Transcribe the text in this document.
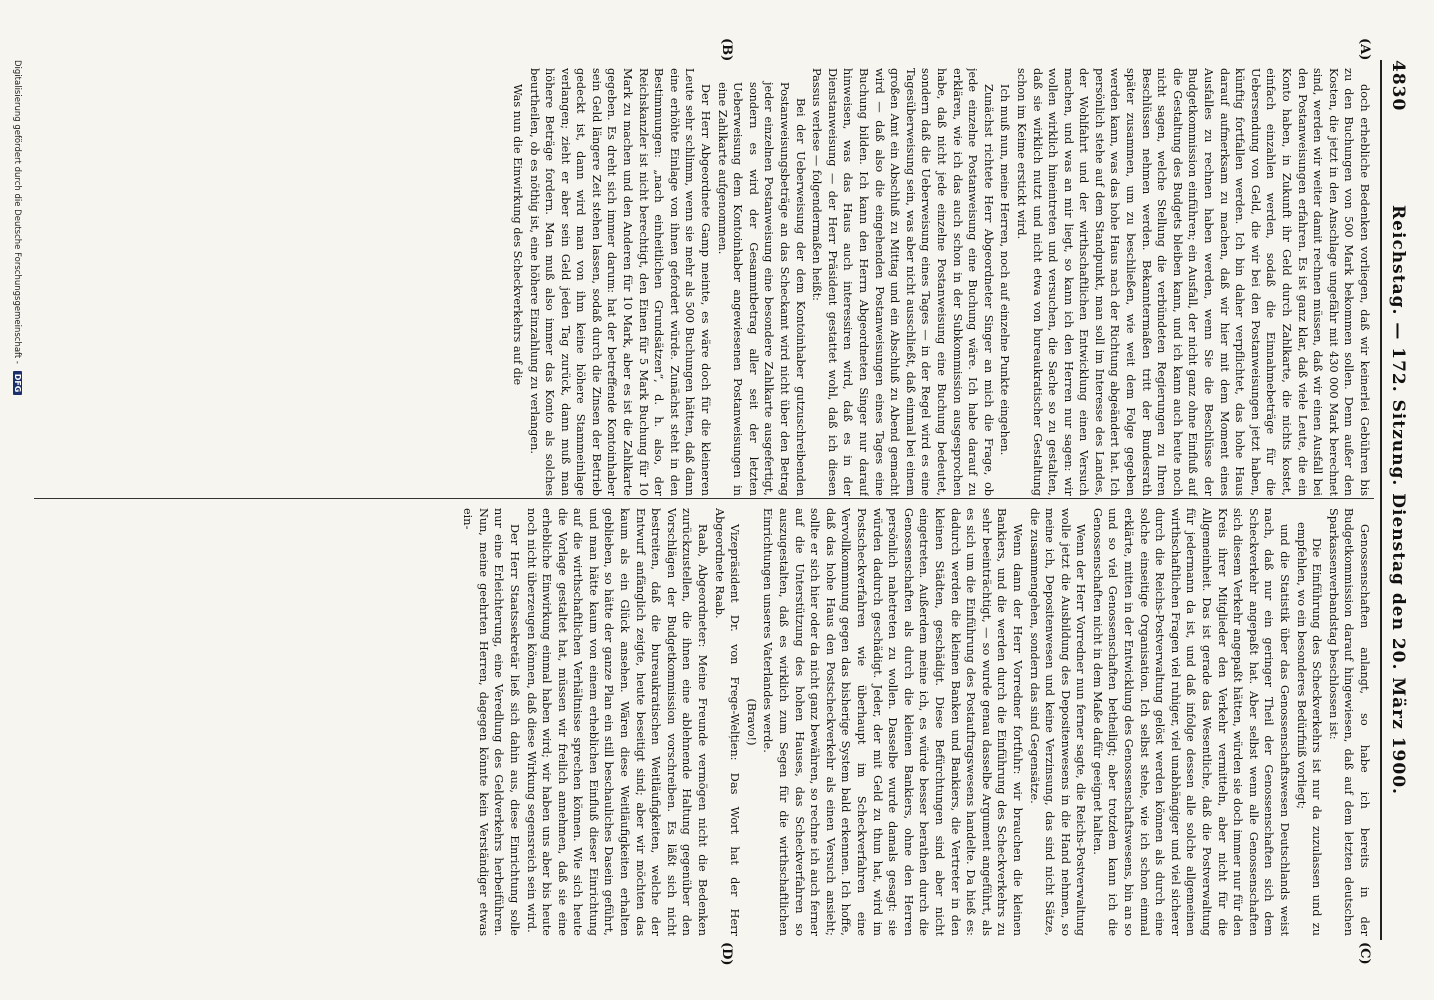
4830
Reichstag. — 172. Sitzung. Dienstag den 20. März 1900.
(A)
(B)
(C)
(D)

doch erhebliche Bedenken vorliegen, daß wir keinerlei Gebühren bis zu den Buchungen von 500 Mark bekommen sollen. Denn außer den Kosten, die jetzt in den Anschlage ungefähr mit 430 000 Mark berechnet sind, werden wir weiter damit rechnen müssen, daß wir einen Ausfall bei den Postanweisungen erfahren. Es ist ganz klar, daß viele Leute, die ein Konto haben, in Zukunft ihr Geld durch Zahlkarte, die nichts kostet, einfach einzahlen werden, sodaß die Einnahmebeträge für die Uebersendung von Geld, die wir bei den Postanweisungen jetzt haben, künftig fortfallen werden. Ich bin daher verpflichtet, das hohe Haus darauf aufmerksam zu machen, daß wir hier mit dem Moment eines Ausfalles zu rechnen haben werden, wenn Sie die Beschlüsse der Budgetkommission einführen; ein Ausfall, der nicht ganz ohne Einfluß auf die Gestaltung des Budgets bleiben kann, und ich kann auch heute noch nicht sagen, welche Stellung die verbündeten Regierungen zu Ihren Beschlüssen nehmen werden. Bekanntermaßen tritt der Bundesrath später zusammen, um zu beschließen, wie weit dem Folge gegeben werden kann, was das hohe Haus nach der Richtung abgeändert hat. Ich persönlich stehe auf dem Standpunkt, man soll im Interesse des Landes, der Wohlfahrt und der wirthschaftlichen Entwicklung einen Versuch machen, und was an mir liegt, so kann ich den Herren nur sagen: wir wollen wirklich hineintreten und versuchen, die Sache so zu gestalten, daß sie wirklich nutzt und nicht etwa von bureaukratischer Gestaltung schon im Keime erstickt wird.

Ich muß nun, meine Herren, noch auf einzelne Punkte eingehen.

Zunächst richtete Herr Abgeordneter Singer an mich die Frage, ob jede einzelne Postanweisung eine Buchung wäre. Ich habe darauf zu erklären, wie ich das auch schon in der Subkommission ausgesprochen habe, daß nicht jede einzelne Postanweisung eine Buchung bedeutet, sondern daß die Ueberweisung eines Tages — in der Regel wird es eine Tagesüberweisung sein, was aber nicht ausschließt, daß einmal bei einem großen Amt ein Abschluß zu Mittag und ein Abschluß zu Abend gemacht wird — daß also die eingehenden Postanweisungen eines Tages eine Buchung bilden. Ich kann den Herrn Abgeordneten Singer nur darauf hinweisen, was das Haus auch interessiren wird, daß es in der Dienstanweisung — der Herr Präsident gestattet wohl, daß ich diesen Passus verlese — folgendermaßen heißt:

Bei der Ueberweisung der dem Kontoinhaber gutzuschreibenden Postanweisungsbeträge an das Scheckamt wird nicht über den Betrag jeder einzelnen Postanweisung eine besondere Zahlkarte ausgefertigt, sondern es wird der Gesammtbetrag aller seit der letzten Ueberweisung dem Kontoinhaber angewiesenen Postanweisungen in eine Zahlkarte aufgenommen.

Der Herr Abgeordnete Gamp meinte, es wäre doch für die kleineren Leute sehr schlimm, wenn sie mehr als 500 Buchungen hätten, daß dann eine erhöhte Einlage von ihnen gefordert würde. Zunächst steht in den Bestimmungen: „nach einheitlichen Grundsätzen“, d. h. also, der Reichskanzler ist nicht berechtigt, den Einen für 5 Mark Buchung für 10 Mark zu machen und den Anderen für 10 Mark, aber es ist die Zahlkarte gegeben. Es dreht sich immer darum: hat der betreffende Kontoinhaber sein Geld längere Zeit stehen lassen, sodaß durch die Zinsen der Betrieb gedeckt ist, dann wird man von ihm keine höhere Stammeinlage verlangen; zieht er aber sein Geld jeden Tag zurück, dann muß man höhere Beträge fordern. Man muß also immer das Konto als solches beurtheilen, ob es nöthig ist, eine höhere Einzahlung zu verlangen.

Was nun die Einwirkung des Scheckverkehrs auf die

Genossenschaften anlangt, so habe ich bereits in der Budgetkommission darauf hingewiesen, daß auf dem letzten deutschen Sparkassenverbandstag beschlossen ist:

Die Einführung des Scheckverkehrs ist nur da zuzulassen und zu empfehlen, wo ein besonderes Bedürfniß vorliegt;

und die Statistik über das Genossenschaftswesen Deutschlands weist nach, daß nur ein geringer Theil der Genossenschaften sich dem Scheckverkehr angepaßt hat. Aber selbst wenn alle Genossenschaften sich diesem Verkehr angepaßt hätten, würden sie doch immer nur für den Kreis ihrer Mitglieder den Verkehr vermitteln, aber nicht für die Allgemeinheit. Das ist gerade das Wesentliche, daß die Postverwaltung für jedermann da ist, und daß infolge dessen alle solche allgemeinen wirthschaftlichen Fragen viel ruhiger, viel unabhängiger und viel sicherer durch die Reichs-Postverwaltung gelöst werden können als durch eine solche einseitige Organisation. Ich selbst stehe, wie ich schon einmal erklärte, mitten in der Entwicklung des Genossenschaftswesens, bin an so und so viel Genossenschaften betheiligt; aber trotzdem kann ich die Genossenschaften nicht in dem Maße dafür geeignet halten.

Wenn der Herr Vorredner nun ferner sagte, die Reichs-Postverwaltung wolle jetzt die Ausbildung des Depositenwesens in die Hand nehmen, so meine ich, Depositenwesen und keine Verzinsung, das sind nicht Sätze, die zusammengehen, sondern das sind Gegensätze.

Wenn dann der Herr Vorredner fortfuhr: wir brauchen die kleinen Bankiers, und die werden durch die Einführung des Scheckverkehrs zu sehr beeinträchtigt, — so wurde genau dasselbe Argument angeführt, als es sich um die Einführung des Postauftragswesens handelte. Da hieß es: dadurch werden die kleinen Banken und Bankiers, die Vertreter in den kleinen Städten, geschädigt. Diese Befürchtungen sind aber nicht eingetreten. Außerdem meine ich, es würde besser berathen durch die Genossenschaften als durch die kleinen Bankiers, ohne den Herren persönlich nahetreten zu wollen. Dasselbe wurde damals gesagt: sie würden dadurch geschädigt. Jeder, der mit Geld zu thun hat, wird im Postscheckverfahren wie überhaupt im Scheckverfahren eine Vervollkommnung gegen das bisherige System bald erkennen. Ich hoffe, daß das hohe Haus den Postscheckverkehr als einen Versuch ansieht; sollte er sich hier oder da nicht ganz bewähren, so rechne ich auch ferner auf die Unterstützung des hohen Hauses, das Scheckverfahren so auszugestalten, daß es wirklich zum Segen für die wirthschaftlichen Einrichtungen unseres Vaterlandes werde.

(Bravo!)

Vizepräsident Dr. von Frege-Welțien: Das Wort hat der Herr Abgeordnete Raab.

Raab, Abgeordneter: Meine Freunde vermögen nicht die Bedenken zurückzustellen, die ihnen eine ablehnende Haltung gegenüber den Vorschlägen der Budgetkommission vorschreiben. Es läßt sich nicht bestreiten, daß die bureaukratischen Weitläufigkeiten, welche der Entwurf anfänglich zeigte, heute beseitigt sind; aber wir möchten das kaum als ein Glück ansehen. Wären diese Weitläufigkeiten erhalten geblieben, so hätte der ganze Plan ein still beschauliches Dasein geführt, und man hätte kaum von einem erheblichen Einfluß dieser Einrichtung auf die wirthschaftlichen Verhältnisse sprechen können. Wie sich heute die Vorlage gestaltet hat, müssen wir freilich annehmen, daß sie eine erhebliche Einwirkung einmal haben wird; wir haben uns aber bis heute noch nicht überzeugen können, daß diese Wirkung segensreich sein wird.

Der Herr Staatssekretär ließ sich dahin aus, diese Einrichtung solle nur eine Erleichterung, eine Veredlung des Geldverkehrs herbeiführen. Nun, meine geehrten Herren, dagegen könnte kein Verständiger etwas ein-

Digitalisierung gefördert durch die Deutsche Forschungsgemeinschaft - DFG
